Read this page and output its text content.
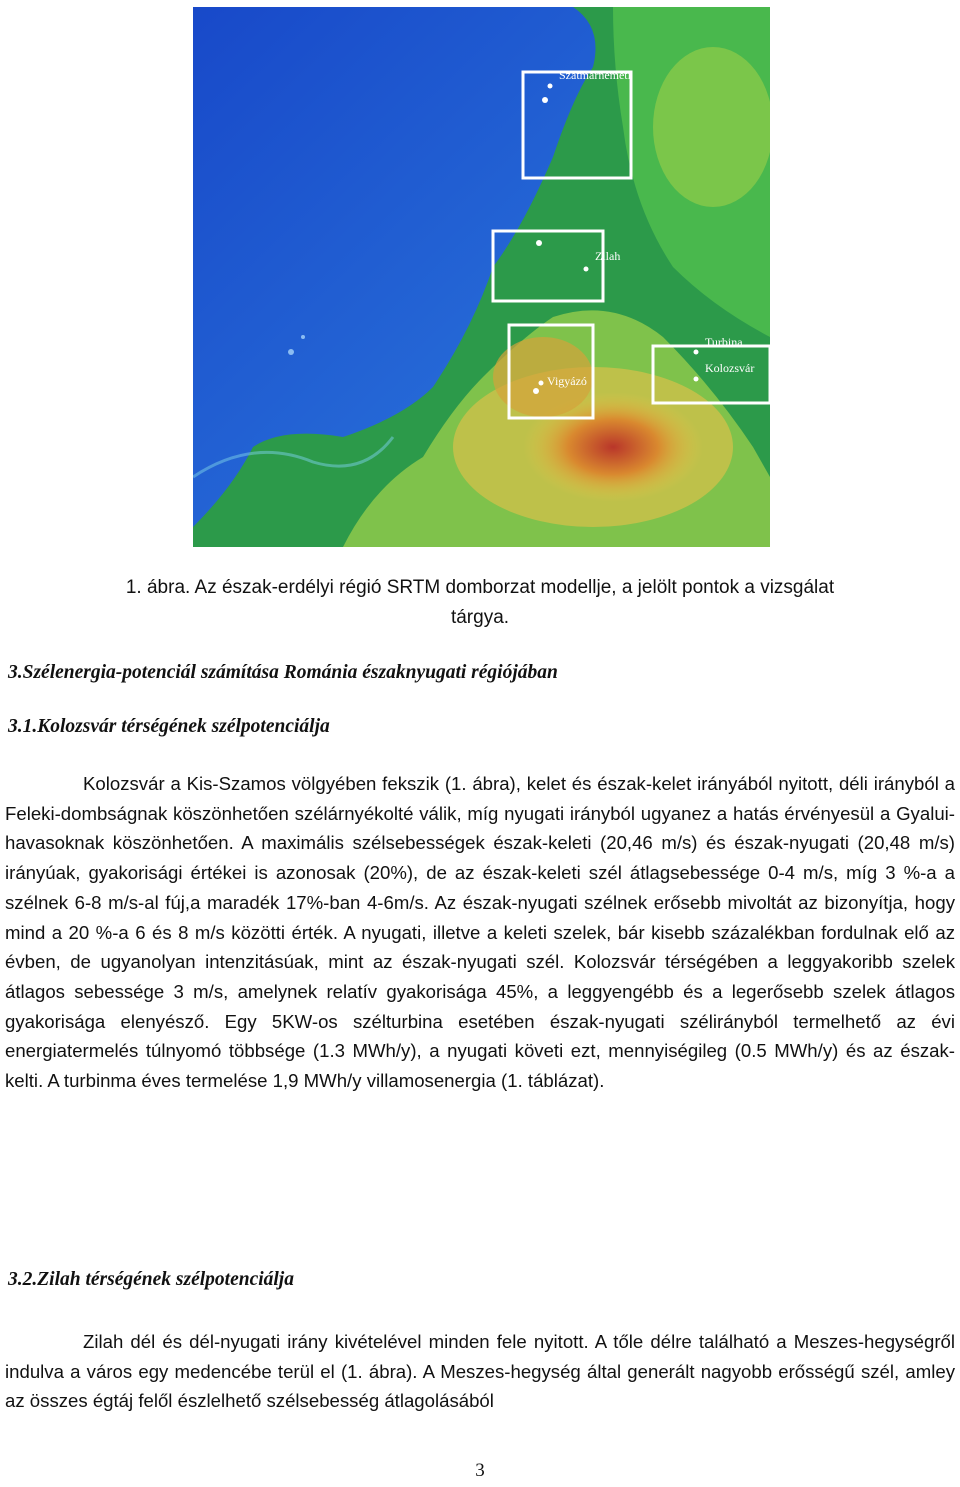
Szatmarnemeti
Zilah
Turbina
Kolozsvár
Vigyázó
1. ábra. Az észak-erdélyi régió SRTM domborzat modellje, a jelölt pontok a vizsgálat
tárgya.
3.Szélenergia-potenciál számítása Románia északnyugati régiójában
3.1.Kolozsvár térségének szélpotenciálja
Kolozsvár a Kis-Szamos völgyében fekszik (1. ábra), kelet és észak-kelet irányából nyitott, déli irányból a Feleki-dombságnak köszönhetően szélárnyékolté válik, míg nyugati irányból ugyanez a hatás érvényesül a Gyalui-havasoknak köszönhetően. A maximális szélsebességek észak-keleti (20,46 m/s) és észak-nyugati (20,48 m/s) irányúak, gyakorisági értékei is azonosak (20%), de az észak-keleti szél átlagsebessége 0-4 m/s, míg 3 %-a a szélnek 6-8 m/s-al fúj,a maradék 17%-ban 4-6m/s. Az észak-nyugati szélnek erősebb mivoltát az bizonyítja, hogy mind a 20 %-a 6 és 8 m/s közötti érték. A nyugati, illetve a keleti szelek, bár kisebb százalékban fordulnak elő az évben, de ugyanolyan intenzitásúak, mint az észak-nyugati szél. Kolozsvár térségében a leggyakoribb szelek átlagos sebessége 3 m/s, amelynek relatív gyakorisága 45%, a leggyengébb és a legerősebb szelek átlagos gyakorisága elenyésző. Egy 5KW-os szélturbina esetében észak-nyugati szélirányból termelhető az évi energiatermelés túlnyomó többsége (1.3 MWh/y), a nyugati követi ezt, mennyiségileg (0.5 MWh/y) és az észak-kelti. A turbinma éves termelése 1,9 MWh/y villamosenergia (1. táblázat).
3.2.Zilah térségének szélpotenciálja
Zilah dél és dél-nyugati irány kivételével minden fele nyitott. A tőle délre található a Meszes-hegységről indulva a város egy medencébe terül el (1. ábra). A Meszes-hegység által generált nagyobb erősségű szél, amley az összes égtáj felől észlelhető szélsebesség átlagolásából
3
